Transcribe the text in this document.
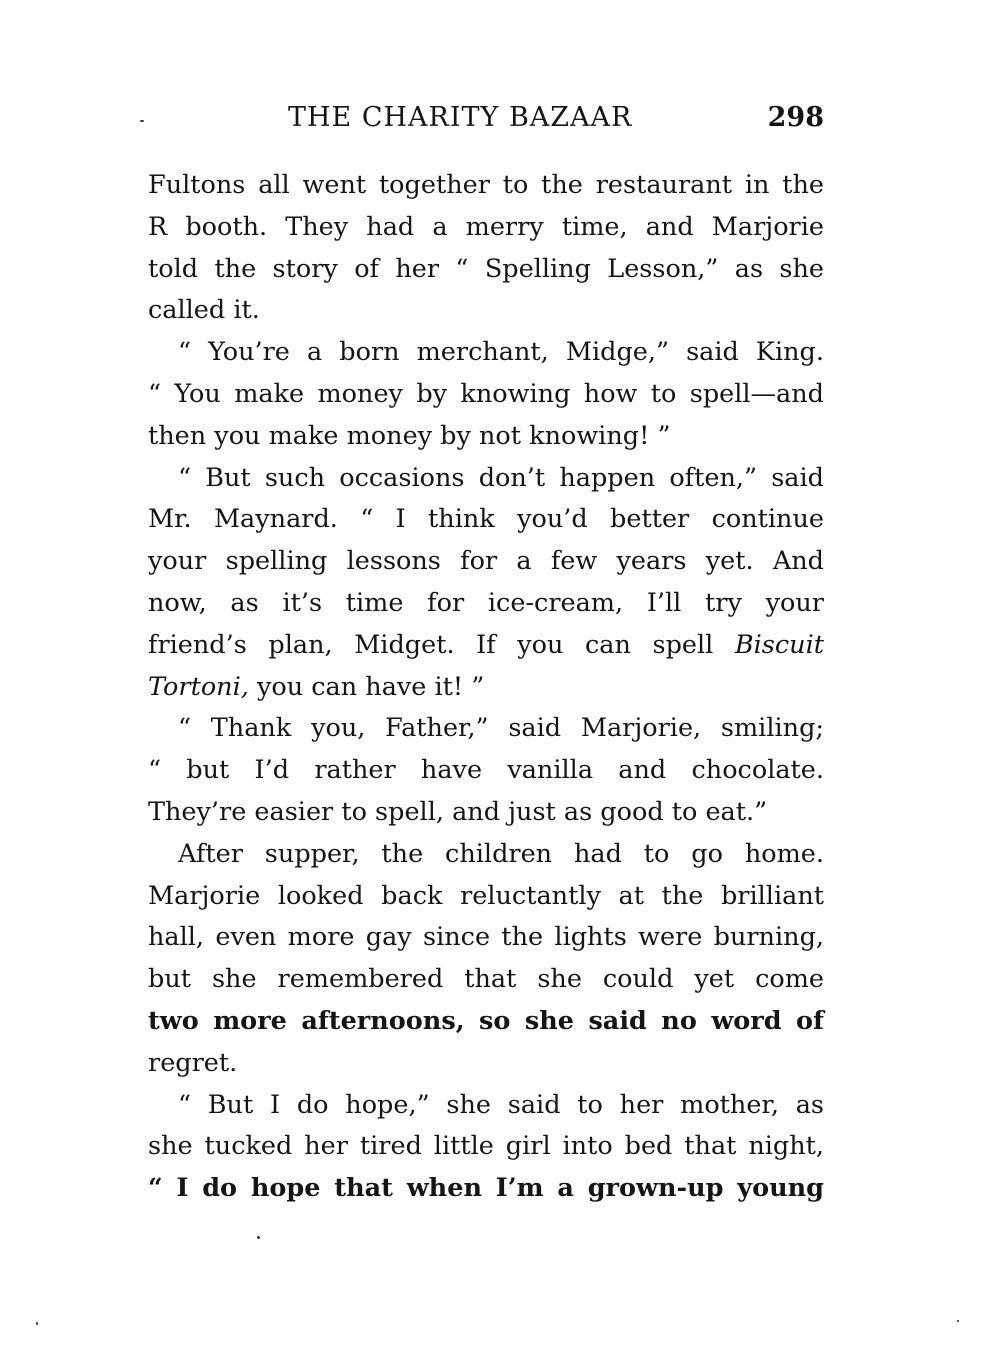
THE CHARITY BAZAAR	298
Fultons all went together to the restaurant in the
R booth. They had a merry time, and Marjorie
told the story of her “ Spelling Lesson,” as she
called it.
“ You’re a born merchant, Midge,” said King.
“ You make money by knowing how to spell—and
then you make money by not knowing! ”
“ But such occasions don’t happen often,” said
Mr. Maynard. “ I think you’d better continue
your spelling lessons for a few years yet. And
now, as it’s time for ice-cream, I’ll try your
friend’s plan, Midget. If you can spell Biscuit
Tortoni, you can have it! ”
“ Thank you, Father,” said Marjorie, smiling;
“ but I’d rather have vanilla and chocolate.
They’re easier to spell, and just as good to eat.”
After supper, the children had to go home.
Marjorie looked back reluctantly at the brilliant
hall, even more gay since the lights were burning,
but she remembered that she could yet come
two more afternoons, so she said no word of
regret.
“ But I do hope,” she said to her mother, as
she tucked her tired little girl into bed that night,
“ I do hope that when I’m a grown-up young
